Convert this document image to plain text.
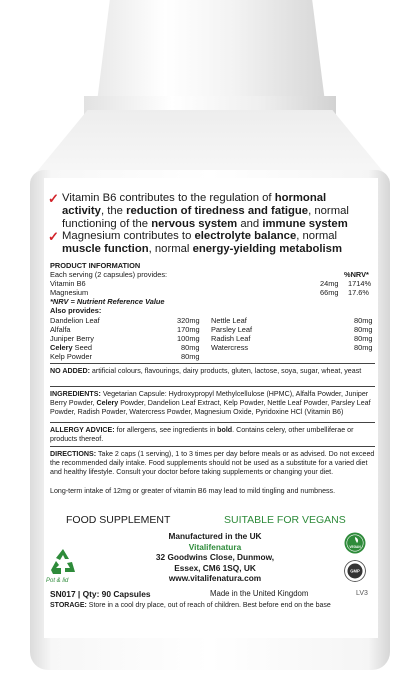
✓ Vitamin B6 contributes to the regulation of hormonal activity, the reduction of tiredness and fatigue, normal functioning of the nervous system and immune system
✓ Magnesium contributes to electrolyte balance, normal muscle function, normal energy-yielding metabolism
PRODUCT INFORMATION
Each serving (2 capsules) provides:	%NRV*
Vitamin B6	24mg 1714%
Magnesium	66mg 17.6%
*NRV = Nutrient Reference Value
Also provides:
Dandelion Leaf	320mg
Alfalfa	170mg
Juniper Berry	100mg
Celery Seed	80mg
Kelp Powder	80mg
Nettle Leaf	80mg
Parsley Leaf	80mg
Radish Leaf	80mg
Watercress	80mg
NO ADDED: artificial colours, flavourings, dairy products, gluten, lactose, soya, sugar, wheat, yeast
INGREDIENTS: Vegetarian Capsule: Hydroxypropyl Methylcellulose (HPMC), Alfalfa Powder, Juniper Berry Powder, Celery Powder, Dandelion Leaf Extract, Kelp Powder, Nettle Leaf Powder, Parsley Leaf Powder, Radish Powder, Watercress Powder, Magnesium Oxide, Pyridoxine HCl (Vitamin B6)
ALLERGY ADVICE: for allergens, see ingredients in bold. Contains celery, other umbelliferae or products thereof.
DIRECTIONS: Take 2 caps (1 serving), 1 to 3 times per day before meals or as advised. Do not exceed the recommended daily intake. Food supplements should not be used as a substitute for a varied diet and healthy lifestyle. Consult your doctor before taking supplements or changing your diet.
Long-term intake of 12mg or greater of vitamin B6 may lead to mild tingling and numbness.
FOOD SUPPLEMENT	SUITABLE FOR VEGANS
Manufactured in the UK
Vitalifenatura
32 Goodwins Close, Dunmow,
Essex, CM6 1SQ, UK
www.vitalifenatura.com
Pot & lid
VEGAN
GMP
SN017 | Qty: 90 Capsules	Made in the United Kingdom	LV3
STORAGE: Store in a cool dry place, out of reach of children. Best before end on the base
